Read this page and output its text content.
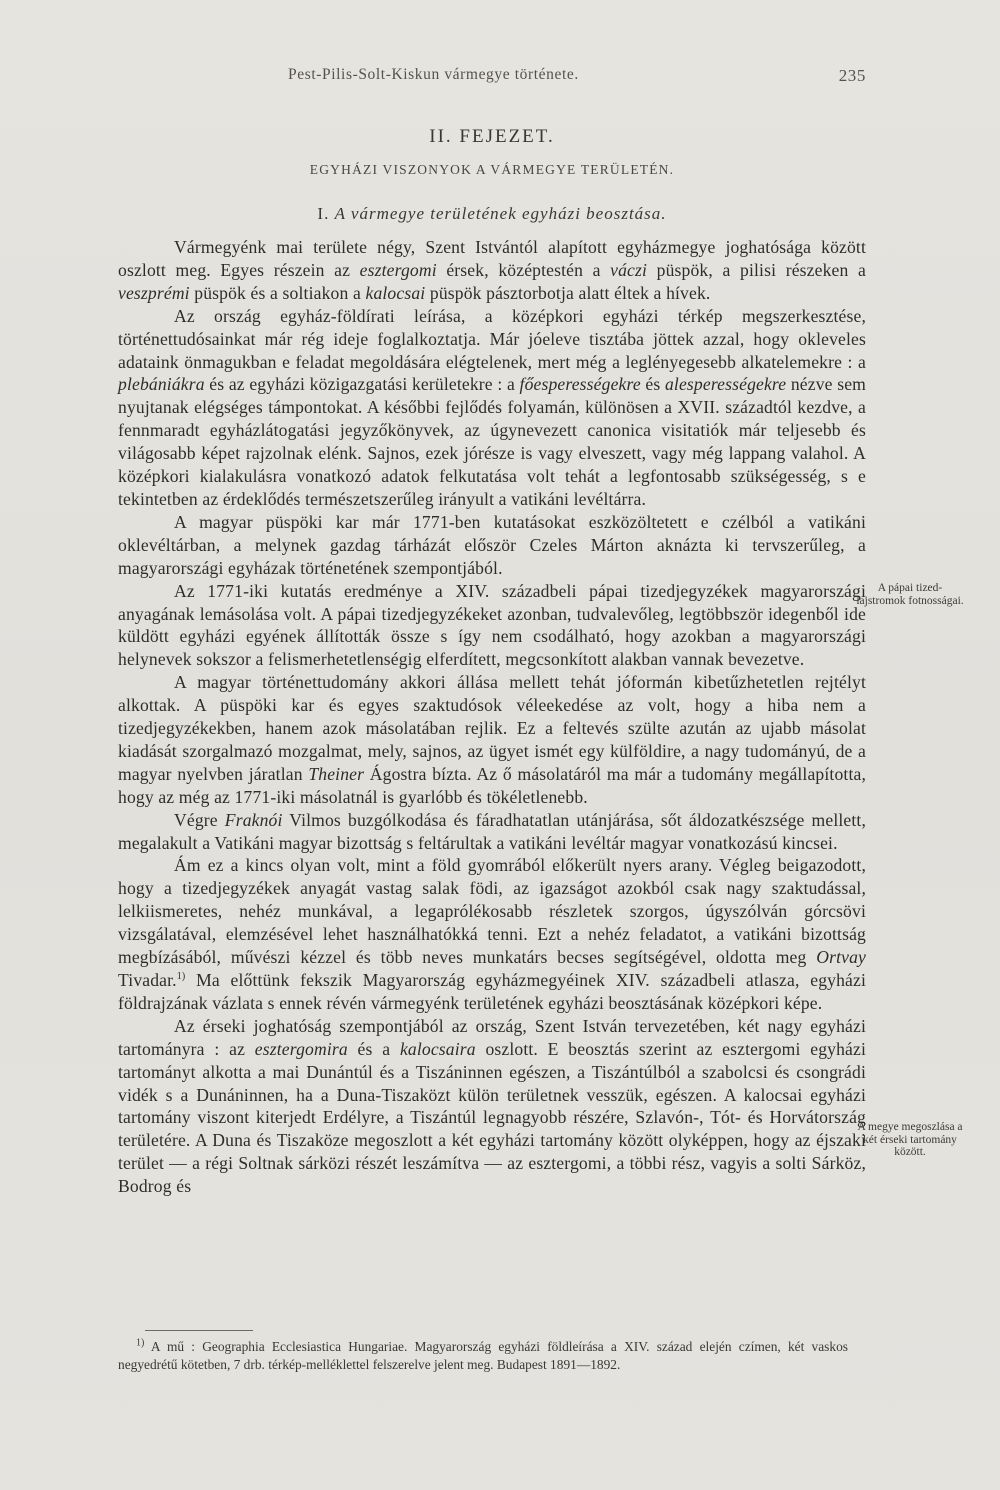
Pest-Pilis-Solt-Kiskun vármegye története.	235
II. FEJEZET.
EGYHÁZI VISZONYOK A VÁRMEGYE TERÜLETÉN.
I. A vármegye területének egyházi beosztása.

Vármegyénk mai területe négy, Szent Istvántól alapított egyházmegye joghatósága között oszlott meg. Egyes részein az esztergomi érsek, középtestén a váczi püspök, a pilisi részeken a veszprémi püspök és a soltiakon a kalocsai püspök pásztorbotja alatt éltek a hívek.

Az ország egyház-földírati leírása, a középkori egyházi térkép megszerkesztése, történettudósainkat már rég ideje foglalkoztatja. Már jóeleve tisztába jöttek azzal, hogy okleveles adataink önmagukban e feladat megoldására elégtelenek, mert még a leglényegesebb alkatelemekre : a plebániákra és az egyházi közigazgatási kerületekre : a főesperességekre és alesperességekre nézve sem nyujtanak elégséges támpontokat. A későbbi fejlődés folyamán, különösen a XVII. századtól kezdve, a fennmaradt egyházlátogatási jegyzőkönyvek, az úgynevezett canonica visitatiók már teljesebb és világosabb képet rajzolnak elénk. Sajnos, ezek jórésze is vagy elveszett, vagy még lappang valahol. A középkori kialakulásra vonatkozó adatok felkutatása volt tehát a legfontosabb szükségesség, s e tekintetben az érdeklődés természetszerűleg irányult a vatikáni levéltárra.

A magyar püspöki kar már 1771-ben kutatásokat eszközöltetett e czélból a vatikáni oklevéltárban, a melynek gazdag tárházát először Czeles Márton aknázta ki tervszerűleg, a magyarországi egyházak történetének szempontjából.

Az 1771-iki kutatás eredménye a XIV. századbeli pápai tizedjegyzékek magyarországi anyagának lemásolása volt. A pápai tizedjegyzékeket azonban, tudvalevőleg, legtöbbször idegenből ide küldött egyházi egyének állították össze s így nem csodálható, hogy azokban a magyarországi helynevek sokszor a felismerhetetlenségig elferdített, megcsonkított alakban vannak bevezetve.

A magyar történettudomány akkori állása mellett tehát jóformán kibetűzhetetlen rejtélyt alkottak. A püspöki kar és egyes szaktudósok véleekedése az volt, hogy a hiba nem a tizedjegyzékekben, hanem azok másolatában rejlik. Ez a feltevés szülte azután az ujabb másolat kiadását szorgalmazó mozgalmat, mely, sajnos, az ügyet ismét egy külföldire, a nagy tudományú, de a magyar nyelvben járatlan Theiner Ágostra bízta. Az ő másolatáról ma már a tudomány megállapította, hogy az még az 1771-iki másolatnál is gyarlóbb és tökéletlenebb.

Végre Fraknói Vilmos buzgólkodása és fáradhatatlan utánjárása, sőt áldozatkészsége mellett, megalakult a Vatikáni magyar bizottság s feltárultak a vatikáni levéltár magyar vonatkozású kincsei.

Ám ez a kincs olyan volt, mint a föld gyomrából előkerült nyers arany. Végleg beigazodott, hogy a tizedjegyzékek anyagát vastag salak födi, az igazságot azokból csak nagy szaktudással, lelkiismeretes, nehéz munkával, a legaprólékosabb részletek szorgos, úgyszólván górcsövi vizsgálatával, elemzésével lehet használhatókká tenni. Ezt a nehéz feladatot, a vatikáni bizottság megbízásából, művészi kézzel és több neves munkatárs becses segítségével, oldotta meg Ortvay Tivadar.$^{1)}$ Ma előttünk fekszik Magyarország egyházmegyéinek XIV. századbeli atlasza, egyházi földrajzának vázlata s ennek révén vármegyénk területének egyházi beosztásának középkori képe.

Az érseki joghatóság szempontjából az ország, Szent István tervezetében, két nagy egyházi tartományra : az esztergomira és a kalocsaira oszlott. E beosztás szerint az esztergomi egyházi tartományt alkotta a mai Dunántúl és a Tiszáninnen egészen, a Tiszántúlból a szabolcsi és csongrádi vidék s a Dunáninnen, ha a Duna-Tiszaközt külön területnek vesszük, egészen. A kalocsai egyházi tartomány viszont kiterjedt Erdélyre, a Tiszántúl legnagyobb részére, Szlavón-, Tót- és Horvátország területére. A Duna és Tiszaköze megoszlott a két egyházi tartomány között olyképpen, hogy az éjszaki terület — a régi Soltnak sárközi részét leszámítva — az esztergomi, a többi rész, vagyis a solti Sárköz, Bodrog és

A pápai tized-lajstromok fotnosságai.
A megye megoszlása a két érseki tartomány között.
$^{1)}$ A mű : Geographia Ecclesiastica Hungariae. Magyarország egyházi földleírása a XIV. század elején czímen, két vaskos negyedrétű kötetben, 7 drb. térkép-melléklettel felszerelve jelent meg. Budapest 1891—1892.
